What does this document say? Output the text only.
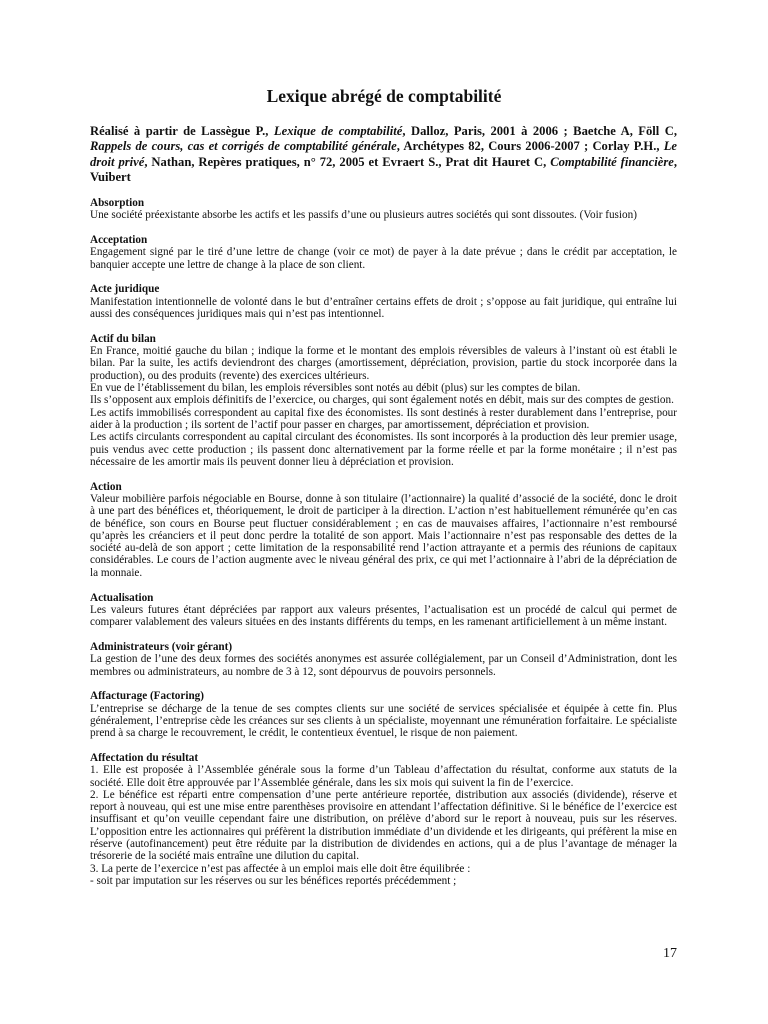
Lexique abrégé de comptabilité

Réalisé à partir de Lassègue P., Lexique de comptabilité, Dalloz, Paris, 2001 à 2006 ; Baetche A, Föll C, Rappels de cours, cas et corrigés de comptabilité générale, Archétypes 82, Cours 2006-2007 ; Corlay P.H., Le droit privé, Nathan, Repères pratiques, n° 72, 2005 et Evraert S., Prat dit Hauret C, Comptabilité financière, Vuibert

Absorption

Une société préexistante absorbe les actifs et les passifs d’une ou plusieurs autres sociétés qui sont dissoutes. (Voir fusion)

Acceptation

Engagement signé par le tiré d’une lettre de change (voir ce mot) de payer à la date prévue ; dans le crédit par acceptation, le banquier accepte une lettre de change à la place de son client.

Acte juridique

Manifestation intentionnelle de volonté dans le but d’entraîner certains effets de droit ; s’oppose au fait juridique, qui entraîne lui aussi des conséquences juridiques mais qui n’est pas intentionnel.

Actif du bilan

En France, moitié gauche du bilan ; indique la forme et le montant des emplois réversibles de valeurs à l’instant où est établi le bilan. Par la suite, les actifs deviendront des charges (amortissement, dépréciation, provision, partie du stock incorporée dans la production), ou des produits (revente) des exercices ultérieurs.

En vue de l’établissement du bilan, les emplois réversibles sont notés au débit (plus) sur les comptes de bilan.

Ils s’opposent aux emplois définitifs de l’exercice, ou charges, qui sont également notés en débit, mais sur des comptes de gestion.

Les actifs immobilisés correspondent au capital fixe des économistes. Ils sont destinés à rester durablement dans l’entreprise, pour aider à la production ; ils sortent de l’actif pour passer en charges, par amortissement, dépréciation et provision.

Les actifs circulants correspondent au capital circulant des économistes. Ils sont incorporés à la production dès leur premier usage, puis vendus avec cette production ; ils passent donc alternativement par la forme réelle et par la forme monétaire ; il n’est pas nécessaire de les amortir mais ils peuvent donner lieu à dépréciation et provision.

Action

Valeur mobilière parfois négociable en Bourse, donne à son titulaire (l’actionnaire) la qualité d’associé de la société, donc le droit à une part des bénéfices et, théoriquement, le droit de participer à la direction. L’action n’est habituellement rémunérée qu’en cas de bénéfice, son cours en Bourse peut fluctuer considérablement ; en cas de mauvaises affaires, l’actionnaire n’est remboursé qu’après les créanciers et il peut donc perdre la totalité de son apport. Mais l’actionnaire n’est pas responsable des dettes de la société au-delà de son apport ; cette limitation de la responsabilité rend l’action attrayante et a permis des réunions de capitaux considérables. Le cours de l’action augmente avec le niveau général des prix, ce qui met l’actionnaire à l’abri de la dépréciation de la monnaie.

Actualisation

Les valeurs futures étant dépréciées par rapport aux valeurs présentes, l’actualisation est un procédé de calcul qui permet de comparer valablement des valeurs situées en des instants différents du temps, en les ramenant artificiellement à un même instant.

Administrateurs (voir gérant)

La gestion de l’une des deux formes des sociétés anonymes est assurée collégialement, par un Conseil d’Administration, dont les membres ou administrateurs, au nombre de 3 à 12, sont dépourvus de pouvoirs personnels.

Affacturage (Factoring)

L’entreprise se décharge de la tenue de ses comptes clients sur une société de services spécialisée et équipée à cette fin. Plus généralement, l’entreprise cède les créances sur ses clients à un spécialiste, moyennant une rémunération forfaitaire. Le spécialiste prend à sa charge le recouvrement, le crédit, le contentieux éventuel, le risque de non paiement.

Affectation du résultat

1. Elle est proposée à l’Assemblée générale sous la forme d’un Tableau d’affectation du résultat, conforme aux statuts de la société. Elle doit être approuvée par l’Assemblée générale, dans les six mois qui suivent la fin de l’exercice.

2. Le bénéfice est réparti entre compensation d’une perte antérieure reportée, distribution aux associés (dividende), réserve et report à nouveau, qui est une mise entre parenthèses provisoire en attendant l’affectation définitive. Si le bénéfice de l’exercice est insuffisant et qu’on veuille cependant faire une distribution, on prélève d’abord sur le report à nouveau, puis sur les réserves. L’opposition entre les actionnaires qui préfèrent la distribution immédiate d’un dividende et les dirigeants, qui préfèrent la mise en réserve (autofinancement) peut être réduite par la distribution de dividendes en actions, qui a de plus l’avantage de ménager la trésorerie de la société mais entraîne une dilution du capital.

3. La perte de l’exercice n’est pas affectée à un emploi mais elle doit être équilibrée :

- soit par imputation sur les réserves ou sur les bénéfices reportés précédemment ;

17
